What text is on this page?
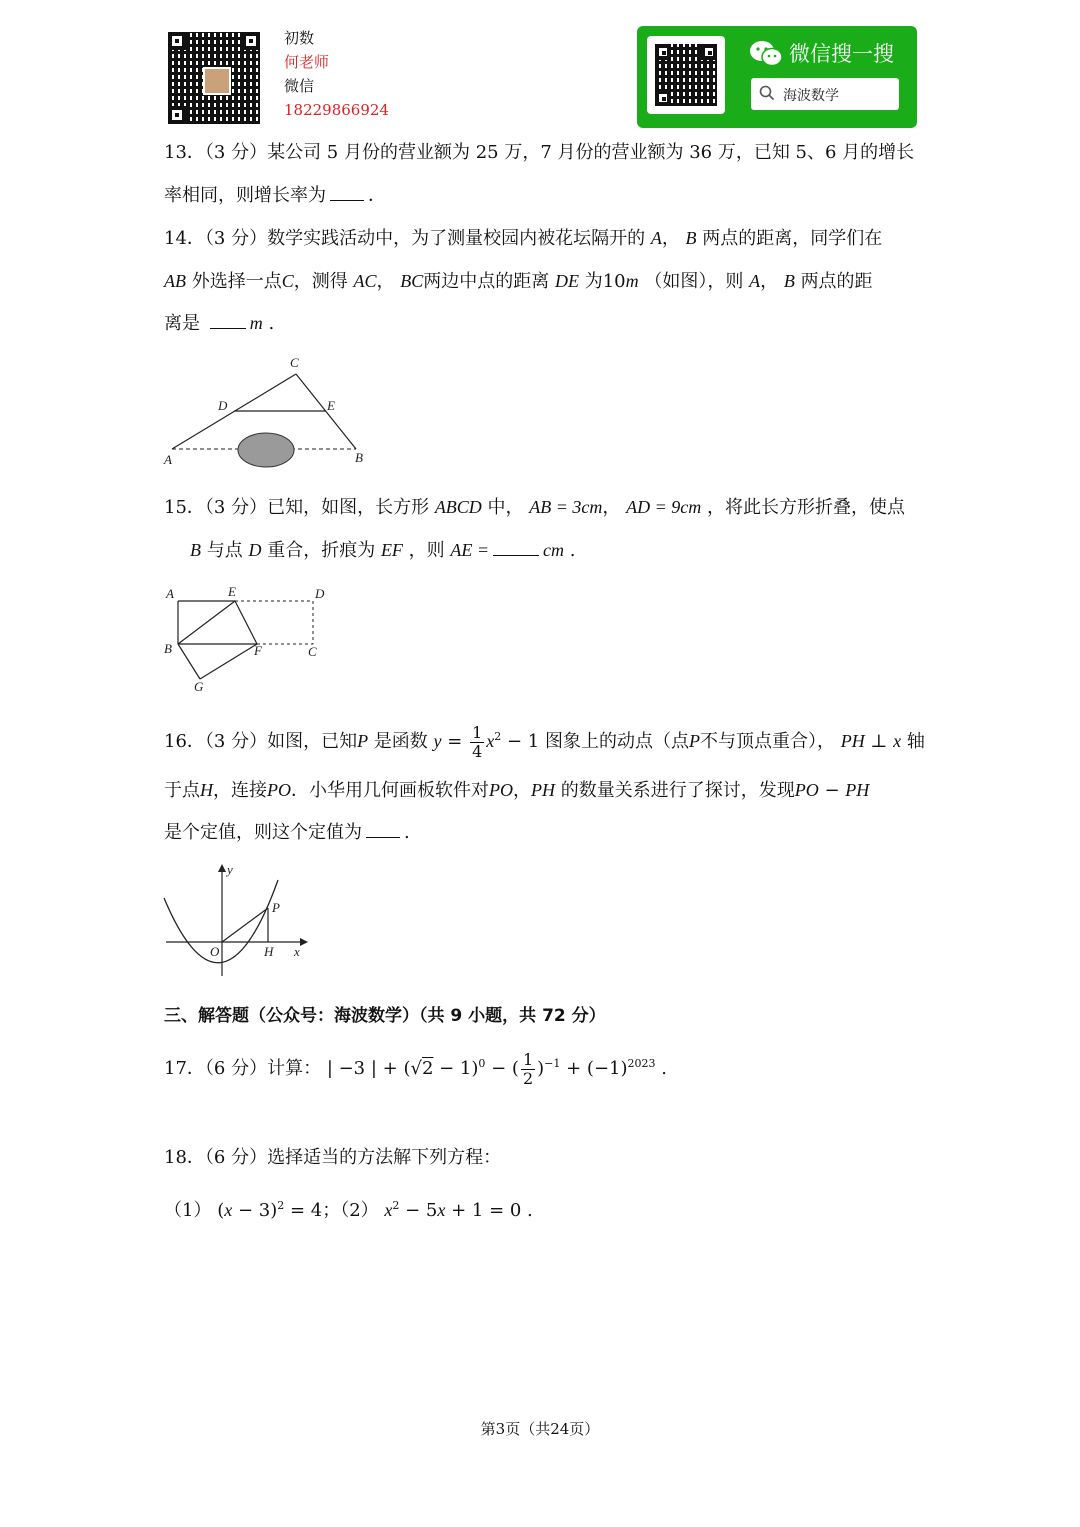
初数
何老师
微信
18229866924
微信搜一搜
海波数学
13．（3 分）某公司 5 月份的营业额为 25 万，7 月份的营业额为 36 万，已知 5、6 月的增长
率相同，则增长率为 ．
14．（3 分）数学实践活动中，为了测量校园内被花坛隔开的 A， B 两点的距离，同学们在
AB 外选择一点C，测得 AC， BC两边中点的距离 DE 为10m （如图），则 A， B 两点的距
离是	m .
C
D	E
A	B
15．（3 分）已知，如图，长方形 ABCD 中， AB = 3cm， AD = 9cm ，将此长方形折叠，使点
B 与点 D 重合，折痕为 EF ，则 AE =	cm .
A	E	D
B	F	C
G
16．（3 分）如图，已知P 是函数 $y = \frac{1}{4} x^2 - 1$ 图象上的动点（点P不与顶点重合）， PH ⊥ x 轴
于点H，连接PO．小华用几何画板软件对PO，PH 的数量关系进行了探讨，发现PO − PH
是个定值，则这个定值为 .
y
P
O	H x
三、解答题（公众号：海波数学）（共 9 小题，共 72 分）
17．（6 分）计算： | −3 | + $(√2 - 1)^0$ − ( $\frac{1}{2} )^{-1} + (-1)^{2023}$ .
18．（6 分）选择适当的方法解下列方程：
（1） $(x - 3)^2 = 4$；（2） $x^2 - 5x + 1 = 0$ .
第3页（共24页）
